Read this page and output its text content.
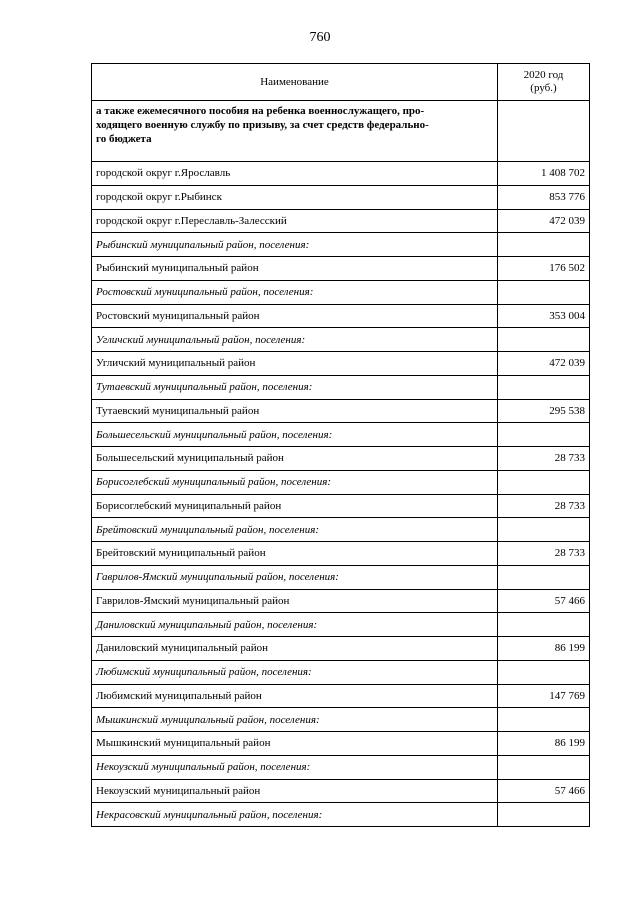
760
Наименование	2020 год
(руб.)
а также ежемесячного пособия на ребенка военнослужащего, про-
ходящего военную службу по призыву, за счет средств федерально-
го бюджета	
городской округ г.Ярославль	1 408 702
городской округ г.Рыбинск	853 776
городской округ г.Переславль-Залесский	472 039
Рыбинский муниципальный район, поселения:	
Рыбинский муниципальный район	176 502
Ростовский муниципальный район, поселения:	
Ростовский муниципальный район	353 004
Угличский муниципальный район, поселения:	
Угличский муниципальный район	472 039
Тутаевский муниципальный район, поселения:	
Тутаевский муниципальный район	295 538
Большесельский муниципальный район, поселения:	
Большесельский муниципальный район	28 733
Борисоглебский муниципальный район, поселения:	
Борисоглебский муниципальный район	28 733
Брейтовский муниципальный район, поселения:	
Брейтовский муниципальный район	28 733
Гаврилов-Ямский муниципальный район, поселения:	
Гаврилов-Ямский муниципальный район	57 466
Даниловский муниципальный район, поселения:	
Даниловский муниципальный район	86 199
Любимский муниципальный район, поселения:	
Любимский муниципальный район	147 769
Мышкинский муниципальный район, поселения:	
Мышкинский муниципальный район	86 199
Некоузский муниципальный район, поселения:	
Некоузский муниципальный район	57 466
Некрасовский муниципальный район, поселения:	
